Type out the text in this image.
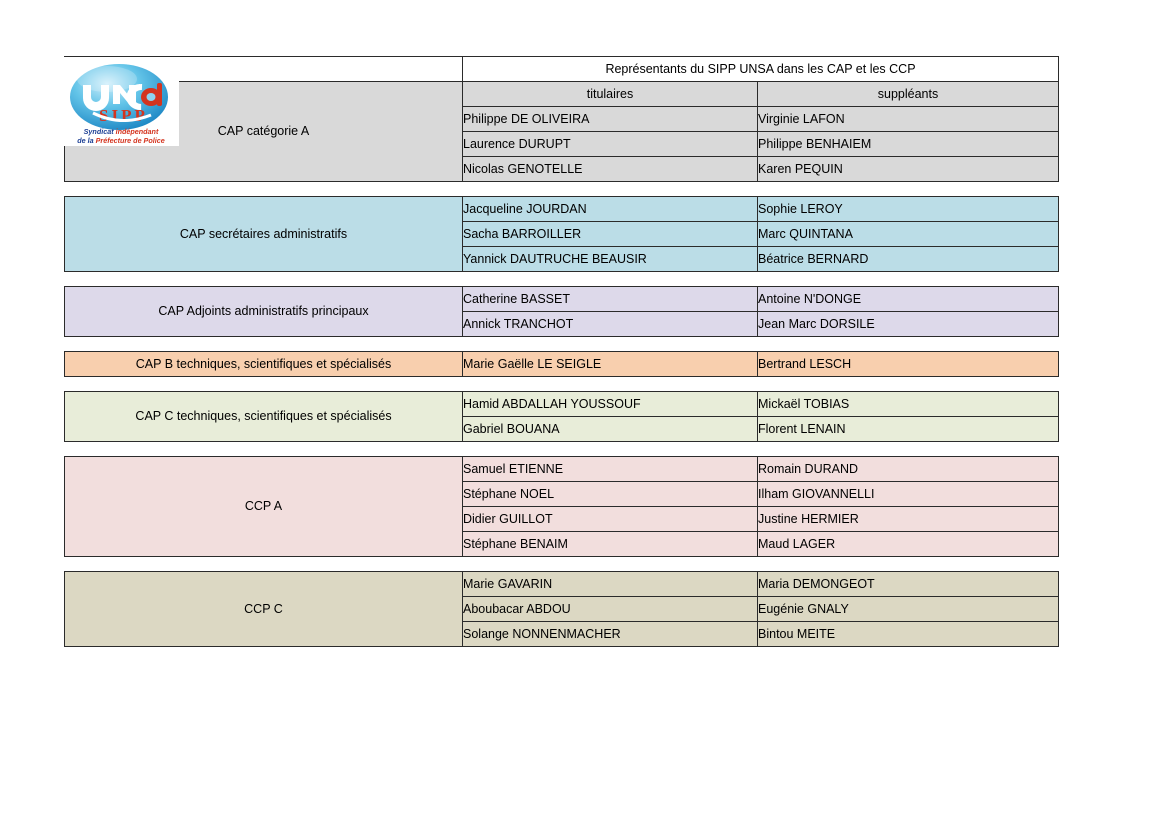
	Représentants du SIPP UNSA dans les CAP et les CCP	
CAP catégorie A	titulaires	suppléants
	Philippe DE OLIVEIRA	Virginie LAFON
	Laurence DURUPT	Philippe BENHAIEM
	Nicolas GENOTELLE	Karen PEQUIN

CAP secrétaires administratifs	Jacqueline JOURDAN	Sophie LEROY
	Sacha BARROILLER	Marc QUINTANA
	Yannick DAUTRUCHE BEAUSIR	Béatrice BERNARD

CAP Adjoints administratifs principaux	Catherine BASSET	Antoine N'DONGE
	Annick TRANCHOT	Jean Marc DORSILE

CAP B techniques, scientifiques et spécialisés	Marie Gaëlle LE SEIGLE	Bertrand LESCH

CAP C techniques, scientifiques et spécialisés	Hamid ABDALLAH YOUSSOUF	Mickaël TOBIAS
	Gabriel BOUANA	Florent LENAIN

CCP A	Samuel ETIENNE	Romain DURAND
	Stéphane NOEL	Ilham GIOVANNELLI
	Didier GUILLOT	Justine HERMIER
	Stéphane BENAIM	Maud LAGER

CCP C	Marie GAVARIN	Maria DEMONGEOT
	Aboubacar ABDOU	Eugénie GNALY
	Solange NONNENMACHER	Bintou MEITE
SIPP
Syndicat indépendant
de la Préfecture de Police
